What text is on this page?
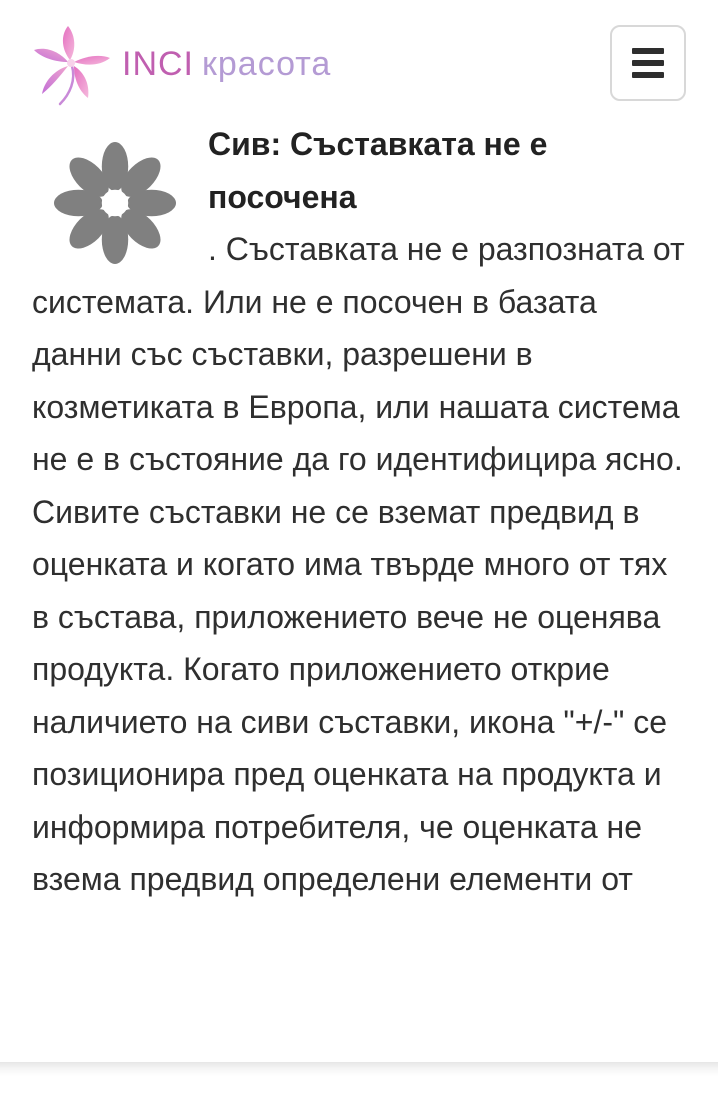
INCI красота

Сив: Съставката не е посочена
. Съставката не е разпозната от системата. Или не е посочен в базата данни със съставки, разрешени в козметиката в Европа, или нашата система не е в състояние да го идентифицира ясно. Сивите съставки не се вземат предвид в оценката и когато има твърде много от тях в състава, приложението вече не оценява продукта. Когато приложението открие наличието на сиви съставки, икона "+/-" се позиционира пред оценката на продукта и информира потребителя, че оценката не взема предвид определени елементи от
